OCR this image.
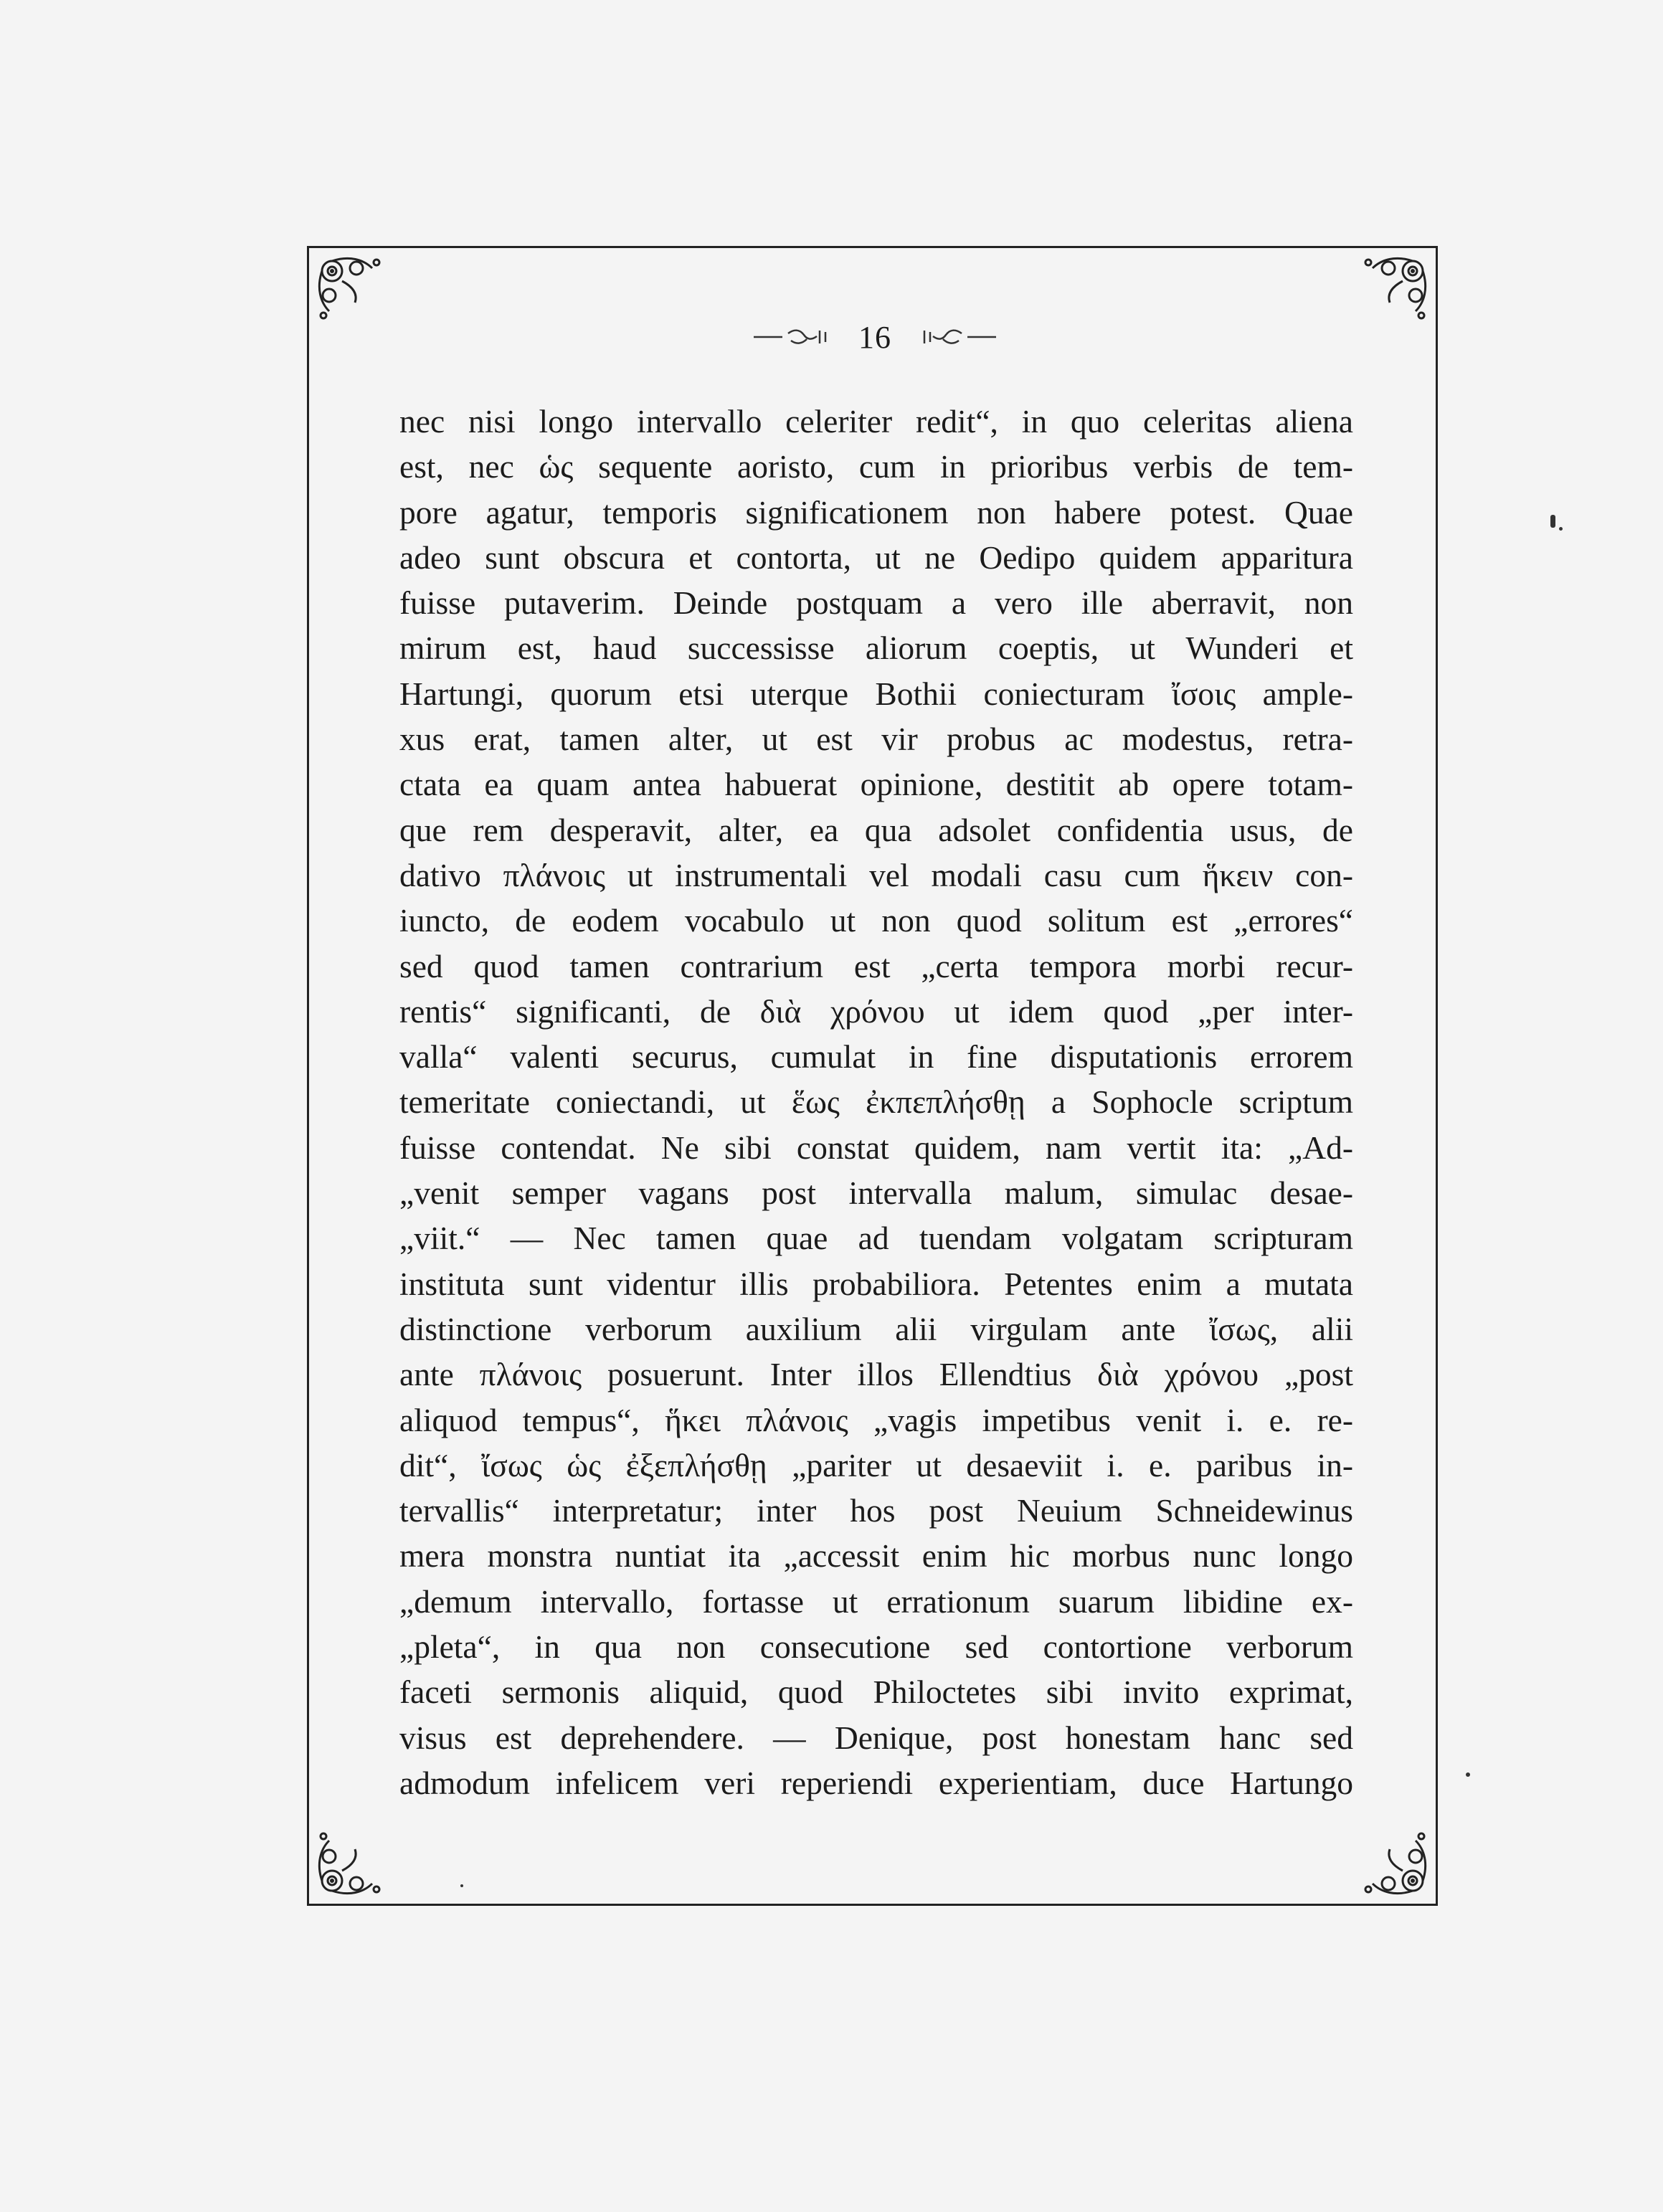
16
nec nisi longo intervallo celeriter redit“, in quo celeritas aliena
est, nec ὡς sequente aoristo, cum in prioribus verbis de tem-
pore agatur, temporis significationem non habere potest. Quae
adeo sunt obscura et contorta, ut ne Oedipo quidem apparitura
fuisse putaverim. Deinde postquam a vero ille aberravit, non
mirum est, haud successisse aliorum coeptis, ut Wunderi et
Hartungi, quorum etsi uterque Bothii coniecturam ἴσοις ample-
xus erat, tamen alter, ut est vir probus ac modestus, retra-
ctata ea quam antea habuerat opinione, destitit ab opere totam-
que rem desperavit, alter, ea qua adsolet confidentia usus, de
dativo πλάνοις ut instrumentali vel modali casu cum ἥκειν con-
iuncto, de eodem vocabulo ut non quod solitum est „errores“
sed quod tamen contrarium est „certa tempora morbi recur-
rentis“ significanti, de διὰ χρόνου ut idem quod „per inter-
valla“ valenti securus, cumulat in fine disputationis errorem
temeritate coniectandi, ut ἕως ἐκπεπλήσθῃ a Sophocle scriptum
fuisse contendat. Ne sibi constat quidem, nam vertit ita: „Ad-
„venit semper vagans post intervalla malum, simulac desae-
„viit.“ — Nec tamen quae ad tuendam volgatam scripturam
instituta sunt videntur illis probabiliora. Petentes enim a mutata
distinctione verborum auxilium alii virgulam ante ἴσως, alii
ante πλάνοις posuerunt. Inter illos Ellendtius διὰ χρόνου „post
aliquod tempus“, ἥκει πλάνοις „vagis impetibus venit i. e. re-
dit“, ἴσως ὡς ἐξεπλήσθῃ „pariter ut desaeviit i. e. paribus in-
tervallis“ interpretatur; inter hos post Neuium Schneidewinus
mera monstra nuntiat ita „accessit enim hic morbus nunc longo
„demum intervallo, fortasse ut errationum suarum libidine ex-
„pleta“, in qua non consecutione sed contortione verborum
faceti sermonis aliquid, quod Philoctetes sibi invito exprimat,
visus est deprehendere. — Denique, post honestam hanc sed
admodum infelicem veri reperiendi experientiam, duce Hartungo
